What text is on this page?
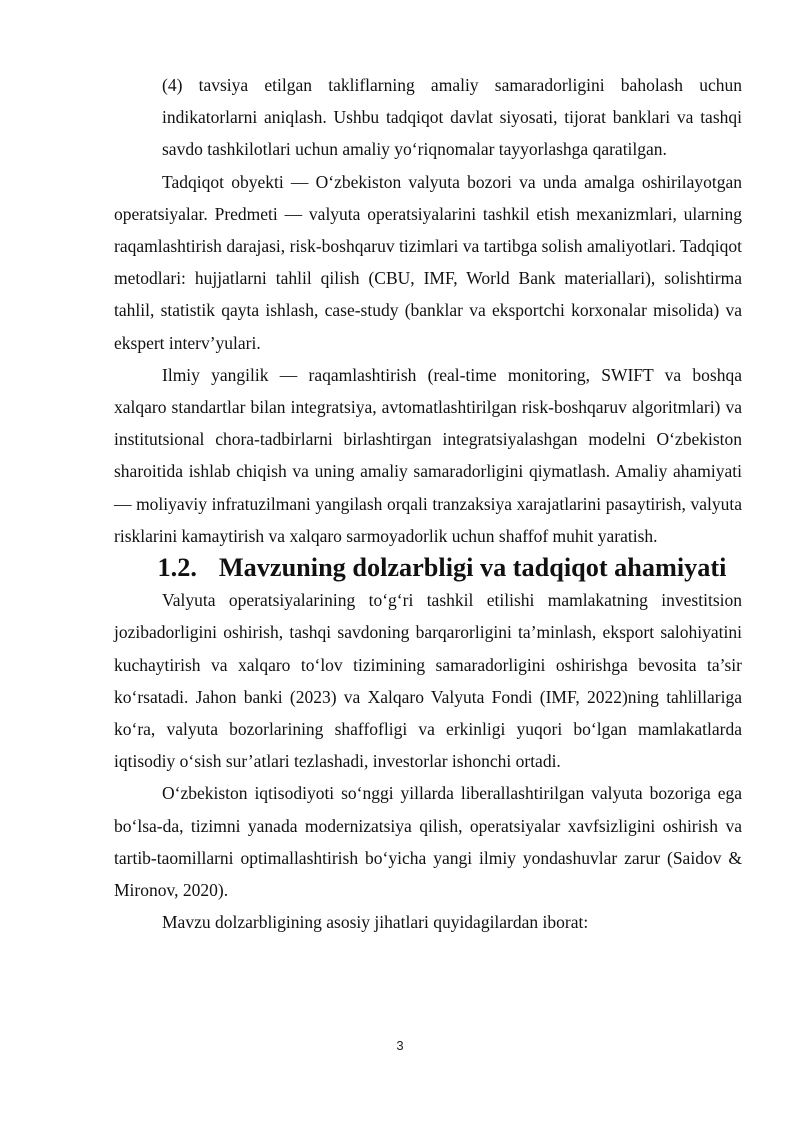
(4) tavsiya etilgan takliflarning amaliy samaradorligini baholash uchun indikatorlarni aniqlash. Ushbu tadqiqot davlat siyosati, tijorat banklari va tashqi savdo tashkilotlari uchun amaliy yo‘riqnomalar tayyorlashga qaratilgan.

Tadqiqot obyekti — O‘zbekiston valyuta bozori va unda amalga oshirilayotgan operatsiyalar. Predmeti — valyuta operatsiyalarini tashkil etish mexanizmlari, ularning raqamlashtirish darajasi, risk-boshqaruv tizimlari va tartibga solish amaliyotlari. Tadqiqot metodlari: hujjatlarni tahlil qilish (CBU, IMF, World Bank materiallari), solishtirma tahlil, statistik qayta ishlash, case-study (banklar va eksportchi korxonalar misolida) va ekspert interv’yulari.

Ilmiy yangilik — raqamlashtirish (real-time monitoring, SWIFT va boshqa xalqaro standartlar bilan integratsiya, avtomatlashtirilgan risk-boshqaruv algoritmlari) va institutsional chora-tadbirlarni birlashtirgan integratsiyalashgan modelni O‘zbekiston sharoitida ishlab chiqish va uning amaliy samaradorligini qiymatlash. Amaliy ahamiyati — moliyaviy infratuzilmani yangilash orqali tranzaksiya xarajatlarini pasaytirish, valyuta risklarini kamaytirish va xalqaro sarmoyadorlik uchun shaffof muhit yaratish.

1.2. Mavzuning dolzarbligi va tadqiqot ahamiyati

Valyuta operatsiyalarining to‘g‘ri tashkil etilishi mamlakatning investitsion jozibadorligini oshirish, tashqi savdoning barqarorligini ta’minlash, eksport salohiyatini kuchaytirish va xalqaro to‘lov tizimining samaradorligini oshirishga bevosita ta’sir ko‘rsatadi. Jahon banki (2023) va Xalqaro Valyuta Fondi (IMF, 2022)ning tahlillariga ko‘ra, valyuta bozorlarining shaffofligi va erkinligi yuqori bo‘lgan mamlakatlarda iqtisodiy o‘sish sur’atlari tezlashadi, investorlar ishonchi ortadi.

O‘zbekiston iqtisodiyoti so‘nggi yillarda liberallashtirilgan valyuta bozoriga ega bo‘lsa-da, tizimni yanada modernizatsiya qilish, operatsiyalar xavfsizligini oshirish va tartib-taomillarni optimallashtirish bo‘yicha yangi ilmiy yondashuvlar zarur (Saidov & Mironov, 2020).

Mavzu dolzarbligining asosiy jihatlari quyidagilardan iborat:

3
